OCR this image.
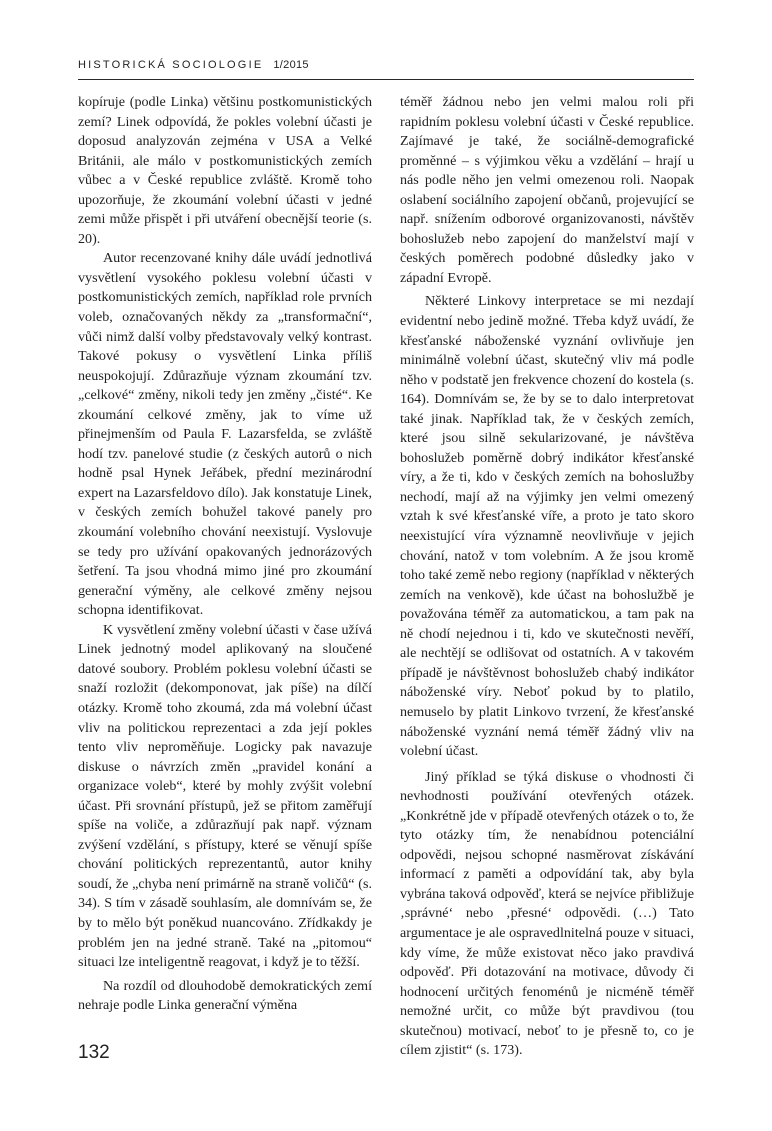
HISTORICKÁ SOCIOLOGIE 1/2015

kopíruje (podle Linka) většinu postkomunistických zemí? Linek odpovídá, že pokles volební účasti je doposud analyzován zejména v USA a Velké Británii, ale málo v postkomunistických zemích vůbec a v České republice zvláště. Kromě toho upozorňuje, že zkoumání volební účasti v jedné zemi může přispět i při utváření obecnější teorie (s. 20).

Autor recenzované knihy dále uvádí jednotlivá vysvětlení vysokého poklesu volební účasti v postkomunistických zemích, například role prvních voleb, označovaných někdy za „transformační“, vůči nimž další volby představovaly velký kontrast. Takové pokusy o vysvětlení Linka příliš neuspokojují. Zdůrazňuje význam zkoumání tzv. „celkové“ změny, nikoli tedy jen změny „čisté“. Ke zkoumání celkové změny, jak to víme už přinejmenším od Paula F. Lazarsfelda, se zvláště hodí tzv. panelové studie (z českých autorů o nich hodně psal Hynek Jeřábek, přední mezinárodní expert na Lazarsfeldovo dílo). Jak konstatuje Linek, v českých zemích bohužel takové panely pro zkoumání volebního chování neexistují. Vyslovuje se tedy pro užívání opakovaných jednorázových šetření. Ta jsou vhodná mimo jiné pro zkoumání generační výměny, ale celkové změny nejsou schopna identifikovat.

K vysvětlení změny volební účasti v čase užívá Linek jednotný model aplikovaný na sloučené datové soubory. Problém poklesu volební účasti se snaží rozložit (dekomponovat, jak píše) na dílčí otázky. Kromě toho zkoumá, zda má volební účast vliv na politickou reprezentaci a zda její pokles tento vliv neproměňuje. Logicky pak navazuje diskuse o návrzích změn „pravidel konání a organizace voleb“, které by mohly zvýšit volební účast. Při srovnání přístupů, jež se přitom zaměřují spíše na voliče, a zdůrazňují pak např. význam zvýšení vzdělání, s přístupy, které se věnují spíše chování politických reprezentantů, autor knihy soudí, že „chyba není primárně na straně voličů“ (s. 34). S tím v zásadě souhlasím, ale domnívám se, že by to mělo být poněkud nuancováno. Zřídkakdy je problém jen na jedné straně. Také na „pitomou“ situaci lze inteligentně reagovat, i když je to těžší.

Na rozdíl od dlouhodobě demokratických zemí nehraje podle Linka generační výměna

téměř žádnou nebo jen velmi malou roli při rapidním poklesu volební účasti v České republice. Zajímavé je také, že sociálně-demografické proměnné – s výjimkou věku a vzdělání – hrají u nás podle něho jen velmi omezenou roli. Naopak oslabení sociálního zapojení občanů, projevující se např. snížením odborové organizovanosti, návštěv bohoslužeb nebo zapojení do manželství mají v českých poměrech podobné důsledky jako v západní Evropě.

Některé Linkovy interpretace se mi nezdají evidentní nebo jedině možné. Třeba když uvádí, že křesťanské náboženské vyznání ovlivňuje jen minimálně volební účast, skutečný vliv má podle něho v podstatě jen frekvence chození do kostela (s. 164). Domnívám se, že by se to dalo interpretovat také jinak. Například tak, že v českých zemích, které jsou silně sekularizované, je návštěva bohoslužeb poměrně dobrý indikátor křesťanské víry, a že ti, kdo v českých zemích na bohoslužby nechodí, mají až na výjimky jen velmi omezený vztah k své křesťanské víře, a proto je tato skoro neexistující víra významně neovlivňuje v jejich chování, natož v tom volebním. A že jsou kromě toho také země nebo regiony (například v některých zemích na venkově), kde účast na bohoslužbě je považována téměř za automatickou, a tam pak na ně chodí nejednou i ti, kdo ve skutečnosti nevěří, ale nechtějí se odlišovat od ostatních. A v takovém případě je návštěvnost bohoslužeb chabý indikátor náboženské víry. Neboť pokud by to platilo, nemuselo by platit Linkovo tvrzení, že křesťanské náboženské vyznání nemá téměř žádný vliv na volební účast.

Jiný příklad se týká diskuse o vhodnosti či nevhodnosti používání otevřených otázek. „Konkrétně jde v případě otevřených otázek o to, že tyto otázky tím, že nenabídnou potenciální odpovědi, nejsou schopné nasměrovat získávání informací z paměti a odpovídání tak, aby byla vybrána taková odpověď, která se nejvíce přibližuje ‚správné‘ nebo ‚přesné‘ odpovědi. (…) Tato argumentace je ale ospravedlnitelná pouze v situaci, kdy víme, že může existovat něco jako pravdivá odpověď. Při dotazování na motivace, důvody či hodnocení určitých fenoménů je nicméně téměř nemožné určit, co může být pravdivou (tou skutečnou) motivací, neboť to je přesně to, co je cílem zjistit“ (s. 173).

132
